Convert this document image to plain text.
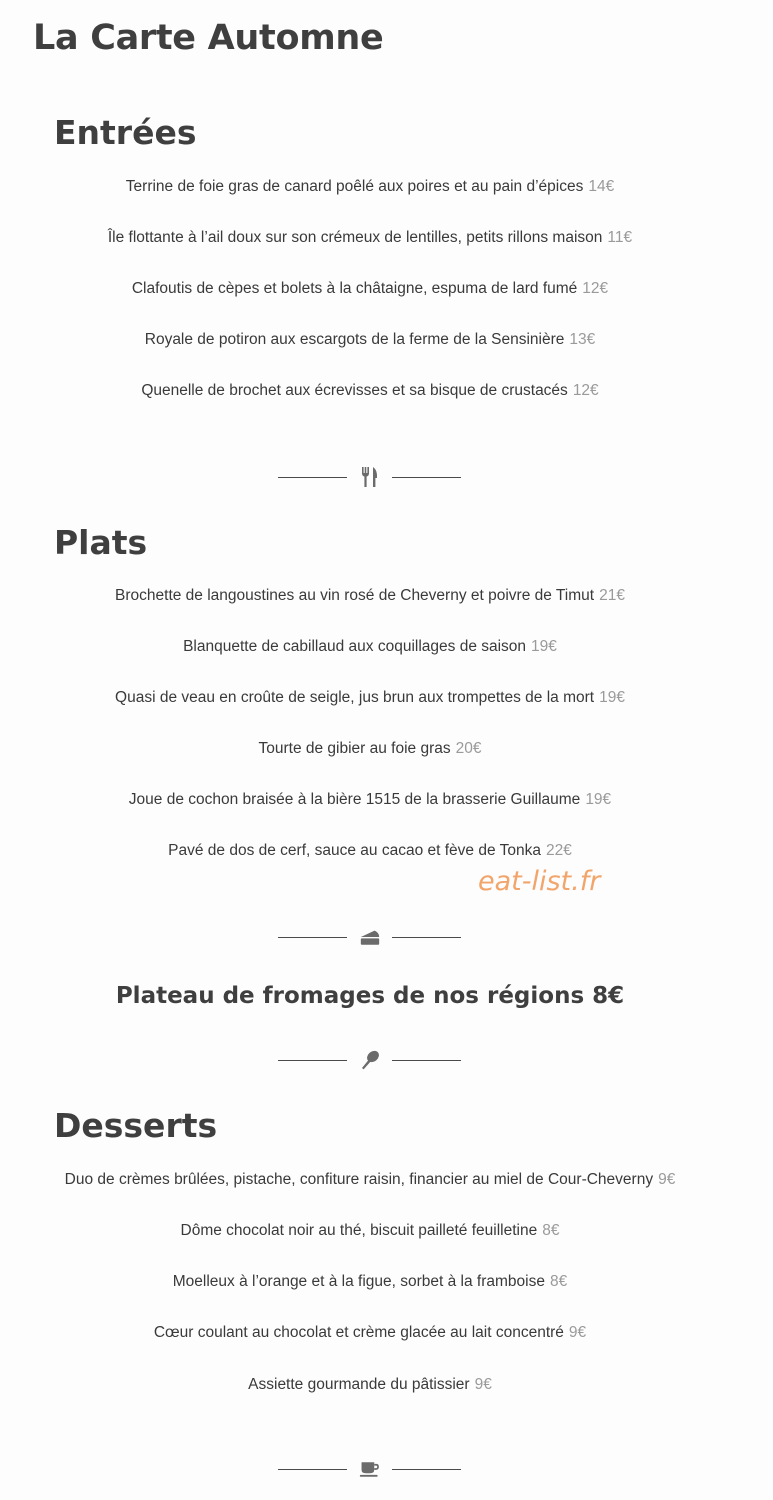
La Carte Automne
Entrées
Terrine de foie gras de canard poêlé aux poires et au pain d’épices 14€
Île flottante à l’ail doux sur son crémeux de lentilles, petits rillons maison 11€
Clafoutis de cèpes et bolets à la châtaigne, espuma de lard fumé 12€
Royale de potiron aux escargots de la ferme de la Sensinière 13€
Quenelle de brochet aux écrevisses et sa bisque de crustacés 12€
Plats
Brochette de langoustines au vin rosé de Cheverny et poivre de Timut 21€
Blanquette de cabillaud aux coquillages de saison 19€
Quasi de veau en croûte de seigle, jus brun aux trompettes de la mort 19€
Tourte de gibier au foie gras 20€
Joue de cochon braisée à la bière 1515 de la brasserie Guillaume 19€
Pavé de dos de cerf, sauce au cacao et fève de Tonka 22€
eat-list.fr
Plateau de fromages de nos régions 8€
Desserts
Duo de crèmes brûlées, pistache, confiture raisin, financier au miel de Cour-Cheverny 9€
Dôme chocolat noir au thé, biscuit pailleté feuilletine 8€
Moelleux à l’orange et à la figue, sorbet à la framboise 8€
Cœur coulant au chocolat et crème glacée au lait concentré 9€
Assiette gourmande du pâtissier 9€
